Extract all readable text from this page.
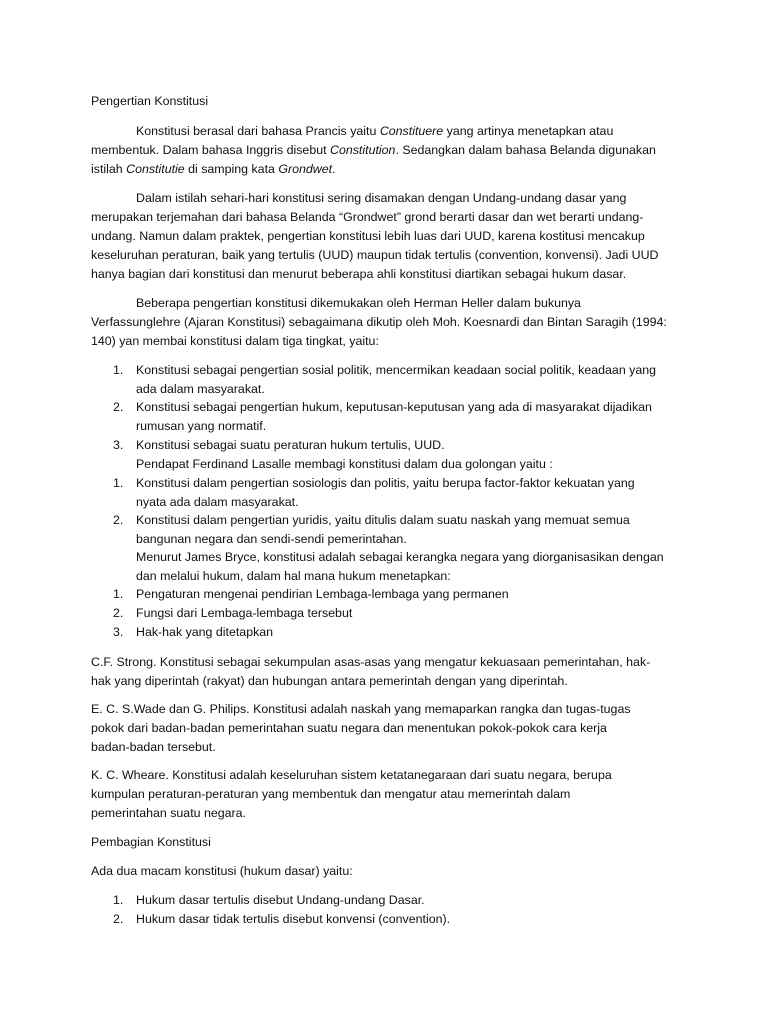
Pengertian Konstitusi
Konstitusi berasal dari bahasa Prancis yaitu Constituere yang artinya menetapkan atau
membentuk. Dalam bahasa Inggris disebut Constitution. Sedangkan dalam bahasa Belanda digunakan
istilah Constitutie di samping kata Grondwet.
Dalam istilah sehari-hari konstitusi sering disamakan dengan Undang-undang dasar yang
merupakan terjemahan dari bahasa Belanda “Grondwet” grond berarti dasar dan wet berarti undang-
undang. Namun dalam praktek, pengertian konstitusi lebih luas dari UUD, karena kostitusi mencakup
keseluruhan peraturan, baik yang tertulis (UUD) maupun tidak tertulis (convention, konvensi). Jadi UUD
hanya bagian dari konstitusi dan menurut beberapa ahli konstitusi diartikan sebagai hukum dasar.
Beberapa pengertian konstitusi dikemukakan oleh Herman Heller dalam bukunya
Verfassunglehre (Ajaran Konstitusi) sebagaimana dikutip oleh Moh. Koesnardi dan Bintan Saragih (1994:
140) yan membai konstitusi dalam tiga tingkat, yaitu:
1. Konstitusi sebagai pengertian sosial politik, mencermikan keadaan social politik, keadaan yang
ada dalam masyarakat.
2. Konstitusi sebagai pengertian hukum, keputusan-keputusan yang ada di masyarakat dijadikan
rumusan yang normatif.
3. Konstitusi sebagai suatu peraturan hukum tertulis, UUD.
Pendapat Ferdinand Lasalle membagi konstitusi dalam dua golongan yaitu :
1. Konstitusi dalam pengertian sosiologis dan politis, yaitu berupa factor-faktor kekuatan yang
nyata ada dalam masyarakat.
2. Konstitusi dalam pengertian yuridis, yaitu ditulis dalam suatu naskah yang memuat semua
bangunan negara dan sendi-sendi pemerintahan.
Menurut James Bryce, konstitusi adalah sebagai kerangka negara yang diorganisasikan dengan
dan melalui hukum, dalam hal mana hukum menetapkan:
1. Pengaturan mengenai pendirian Lembaga-lembaga yang permanen
2. Fungsi dari Lembaga-lembaga tersebut
3. Hak-hak yang ditetapkan
C.F. Strong. Konstitusi sebagai sekumpulan asas-asas yang mengatur kekuasaan pemerintahan, hak-
hak yang diperintah (rakyat) dan hubungan antara pemerintah dengan yang diperintah.
E. C. S.Wade dan G. Philips. Konstitusi adalah naskah yang memaparkan rangka dan tugas-tugas
pokok dari badan-badan pemerintahan suatu negara dan menentukan pokok-pokok cara kerja
badan-badan tersebut.
K. C. Wheare. Konstitusi adalah keseluruhan sistem ketatanegaraan dari suatu negara, berupa
kumpulan peraturan-peraturan yang membentuk dan mengatur atau memerintah dalam
pemerintahan suatu negara.
Pembagian Konstitusi
Ada dua macam konstitusi (hukum dasar) yaitu:
1. Hukum dasar tertulis disebut Undang-undang Dasar.
2. Hukum dasar tidak tertulis disebut konvensi (convention).
